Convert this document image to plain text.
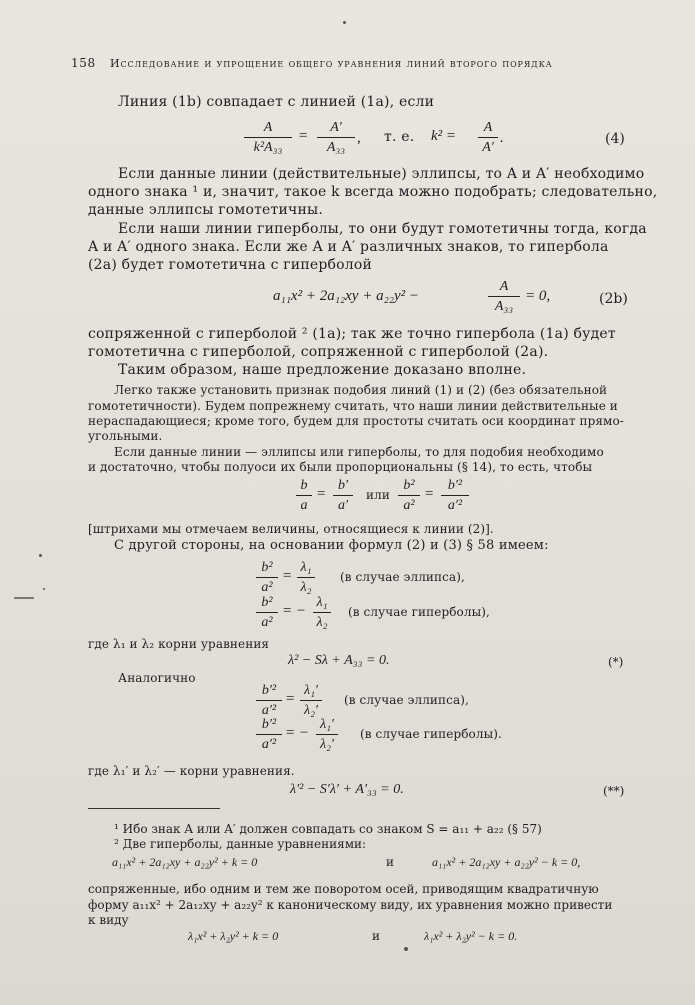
158 Исследование и упрощение общего уравнения линий второго порядка
Линия (1b) совпадает с линией (1a), если
A
k²A₃₃
=
A′
A₃₃
, т. е. k² =
A
A′
.	(4)
Если данные линии (действительные) эллипсы, то A и A′ необходимо
одного знака ¹ и, значит, такое k всегда можно подобрать; следовательно,
данные эллипсы гомотетичны.
Если наши линии гиперболы, то они будут гомотетичны тогда, когда
A и A′ одного знака. Если же A и A′ различных знаков, то гипербола
(2a) будет гомотетична с гиперболой
a₁₁x² + 2a₁₂xy + a₂₂y² −
A
A₃₃
= 0,	(2b)
сопряженной с гиперболой ² (1a); так же точно гипербола (1a) будет
гомотетична с гиперболой, сопряженной с гиперболой (2a).
Таким образом, наше предложение доказано вполне.
Легко также установить признак подобия линий (1) и (2) (без обязательной
гомотетичности). Будем попрежнему считать, что наши линии действительные и
нераспадающиеся; кроме того, будем для простоты считать оси координат прямо-
угольными.
Если данные линии — эллипсы или гиперболы, то для подобия необходимо
и достаточно, чтобы полуоси их были пропорциональны (§ 14), то есть, чтобы
b
a
=
b′
a′
или
b²
a²
=
b′²
a′²
[штрихами мы отмечаем величины, относящиеся к линии (2)].
С другой стороны, на основании формул (2) и (3) § 58 имеем:
b²
a²
=
λ₁
λ₂
(в случае эллипса),
b²
a²
= −
λ₁
λ₂
(в случае гиперболы),
где λ₁ и λ₂ корни уравнения
λ² − Sλ + A₃₃ = 0.	(*)
Аналогично
b′²
a′²
=
λ₁′
λ₂′
(в случае эллипса),
b′²
a′²
= −
λ₁′
λ₂′
(в случае гиперболы).
где λ₁′ и λ₂′ — корни уравнения.
λ′² − S′λ′ + A′₃₃ = 0.	(**)
¹ Ибо знак A или A′ должен совпадать со знаком S = a₁₁ + a₂₂ (§ 57)
² Две гиперболы, данные уравнениями:
a₁₁x² + 2a₁₂xy + a₂₂y² + k = 0	и	a₁₁x² + 2a₁₂xy + a₂₂y² − k = 0,
сопряженные, ибо одним и тем же поворотом осей, приводящим квадратичную
форму a₁₁x² + 2a₁₂xy + a₂₂y² к каноническому виду, их уравнения можно привести
к виду
λ₁x² + λ₂y² + k = 0	и	λ₁x² + λ₂y² − k = 0.
